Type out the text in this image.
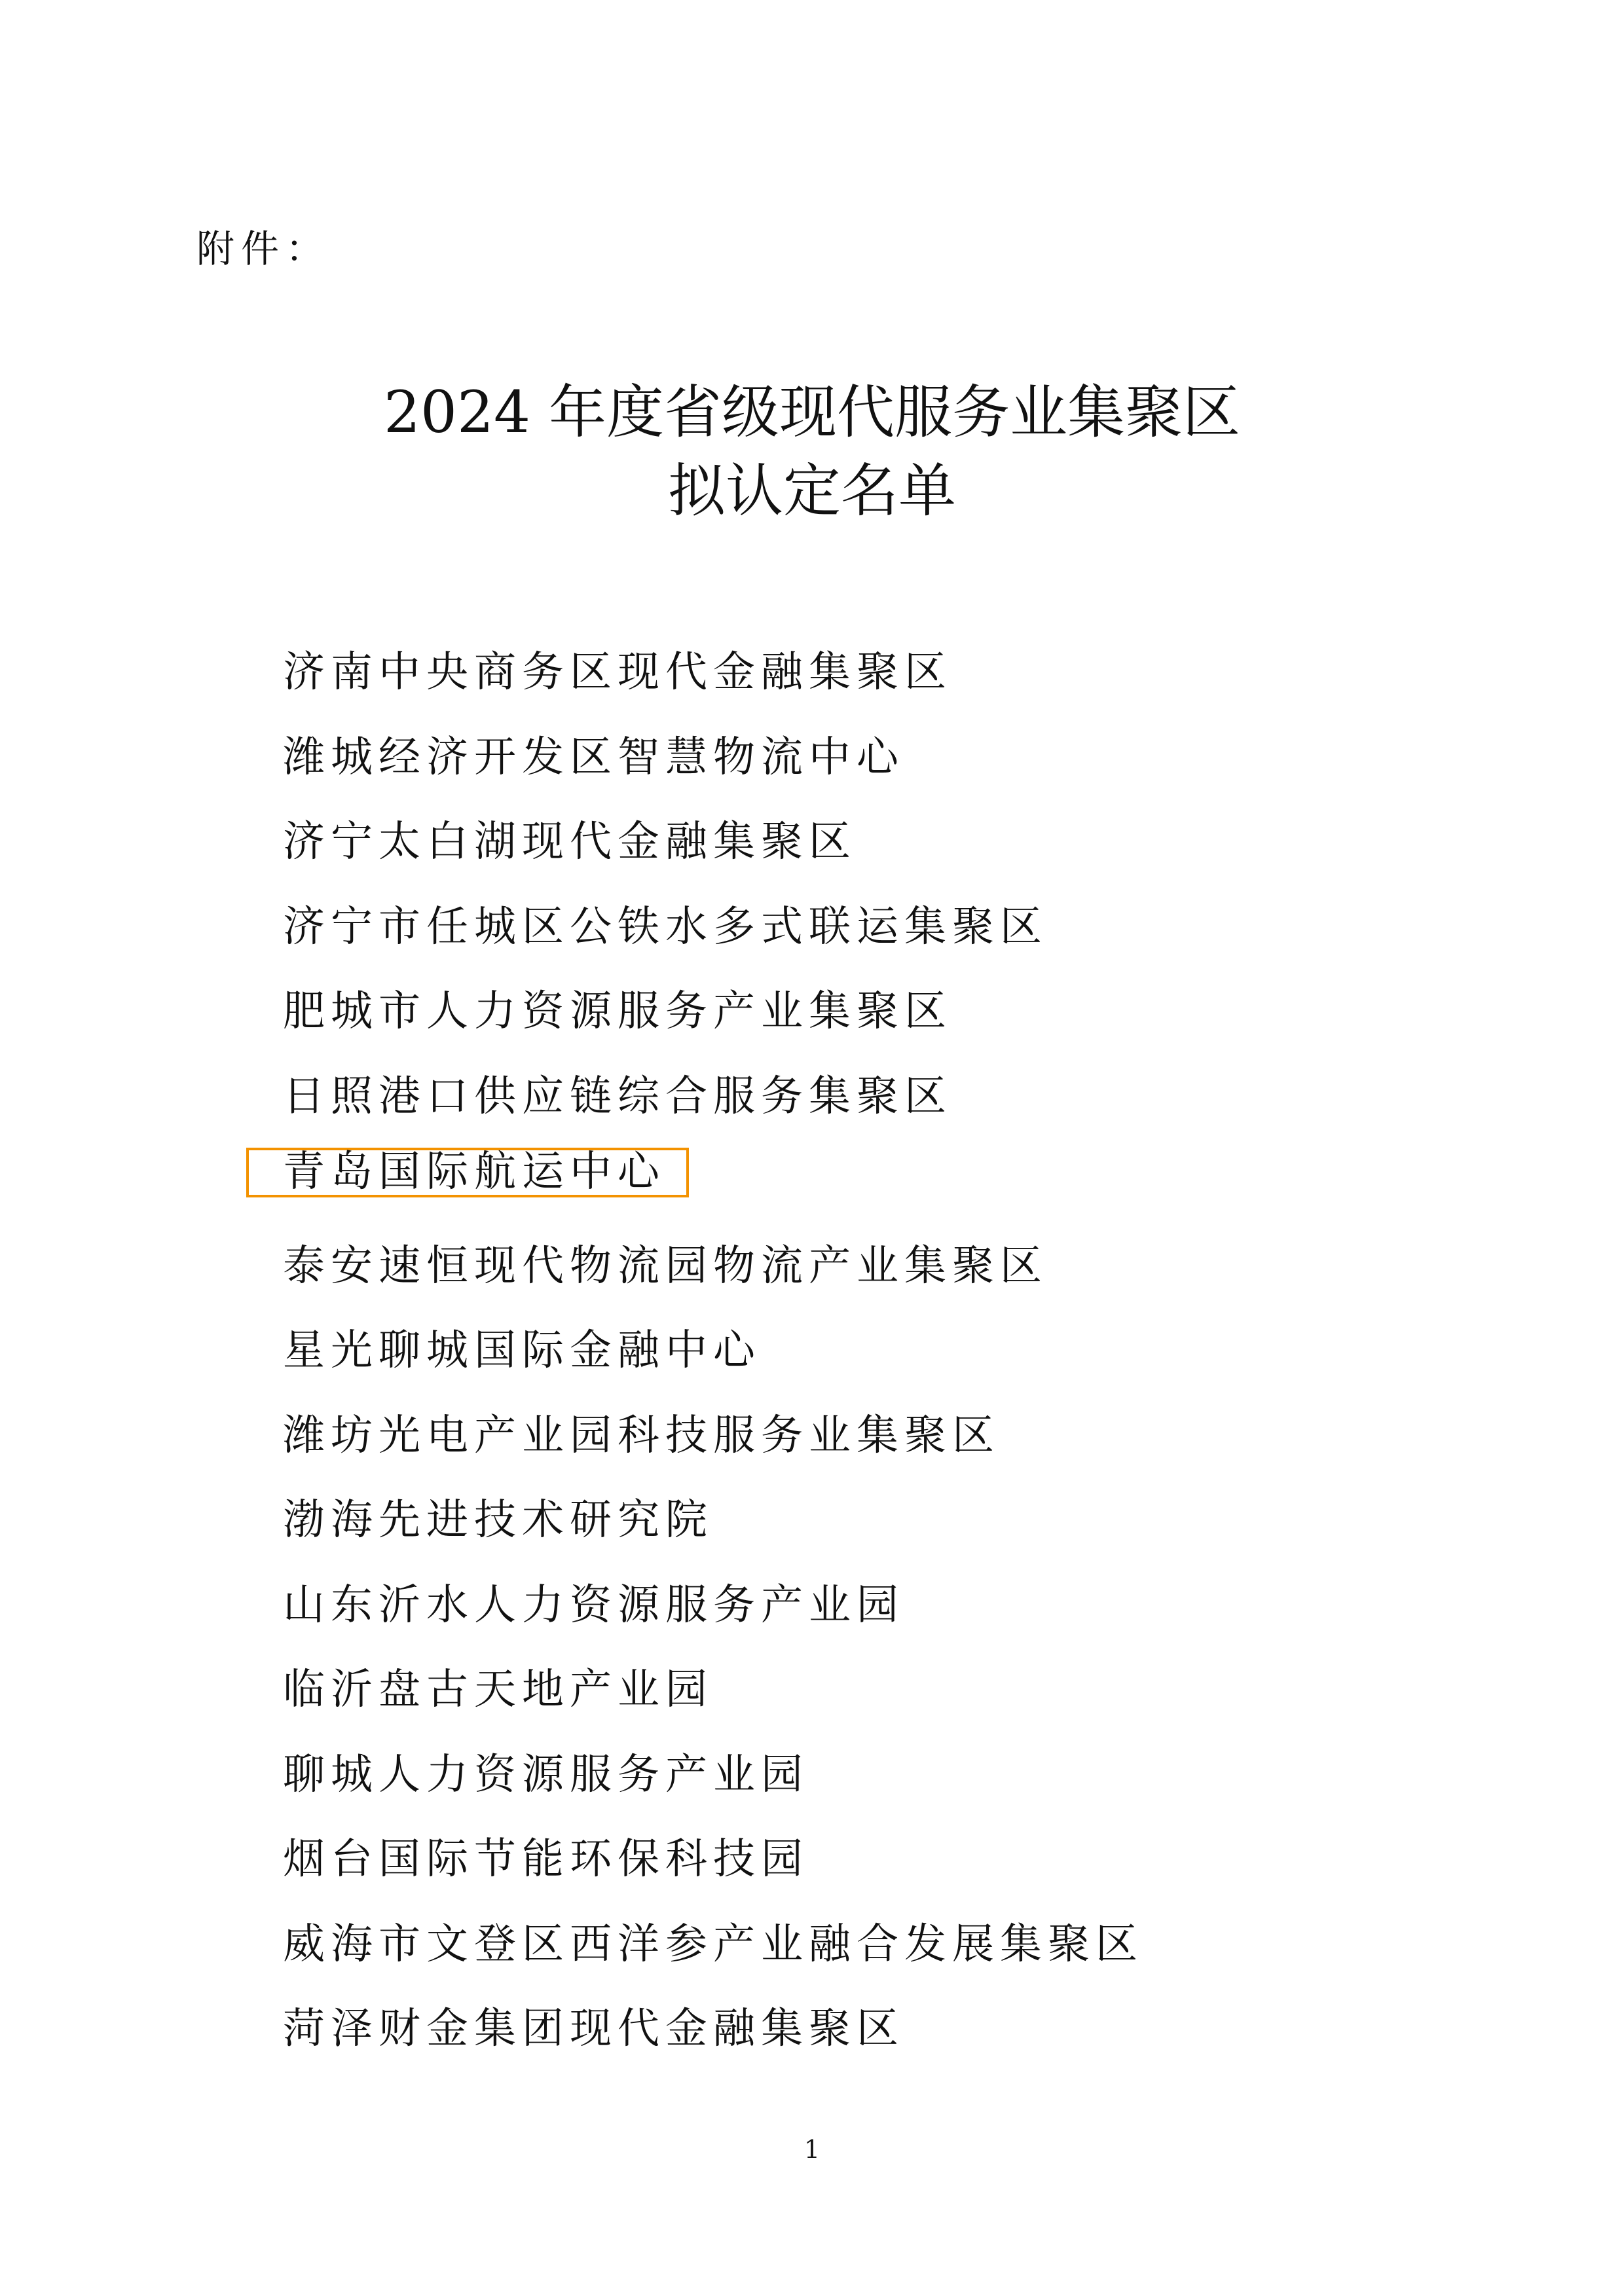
附件：
2024 年度省级现代服务业集聚区
拟认定名单
济南中央商务区现代金融集聚区
潍城经济开发区智慧物流中心
济宁太白湖现代金融集聚区
济宁市任城区公铁水多式联运集聚区
肥城市人力资源服务产业集聚区
日照港口供应链综合服务集聚区
青岛国际航运中心
泰安速恒现代物流园物流产业集聚区
星光聊城国际金融中心
潍坊光电产业园科技服务业集聚区
渤海先进技术研究院
山东沂水人力资源服务产业园
临沂盘古天地产业园
聊城人力资源服务产业园
烟台国际节能环保科技园
威海市文登区西洋参产业融合发展集聚区
菏泽财金集团现代金融集聚区
1
